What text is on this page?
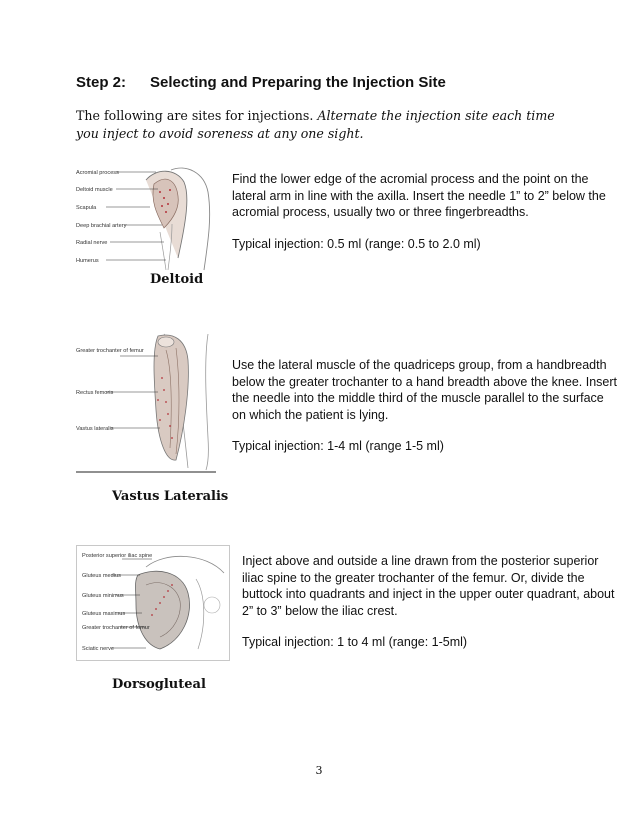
Step 2: Selecting and Preparing the Injection Site
The following are sites for injections. Alternate the injection site each time you inject to avoid soreness at any one sight.
Acromial process
Deltoid muscle
Scapula
Deep brachial artery
Radial nerve
Humerus
Deltoid

Find the lower edge of the acromial process and the point on the lateral arm in line with the axilla. Insert the needle 1” to 2” below the acromial process, usually two or three fingerbreadths.

Typical injection: 0.5 ml (range: 0.5 to 2.0 ml)

Greater trochanter of femur
Rectus femoris
Vastus lateralis
Vastus Lateralis

Use the lateral muscle of the quadriceps group, from a handbreadth below the greater trochanter to a hand breadth above the knee. Insert the needle into the middle third of the muscle parallel to the surface on which the patient is lying.

Typical injection: 1-4 ml (range 1-5 ml)

Posterior superior iliac spine
Gluteus medius
Gluteus minimus
Gluteus maximus
Greater trochanter of femur
Sciatic nerve
Dorsogluteal

Inject above and outside a line drawn from the posterior superior iliac spine to the greater trochanter of the femur. Or, divide the buttock into quadrants and inject in the upper outer quadrant, about 2” to 3” below the iliac crest.

Typical injection: 1 to 4 ml (range: 1-5ml)

3
